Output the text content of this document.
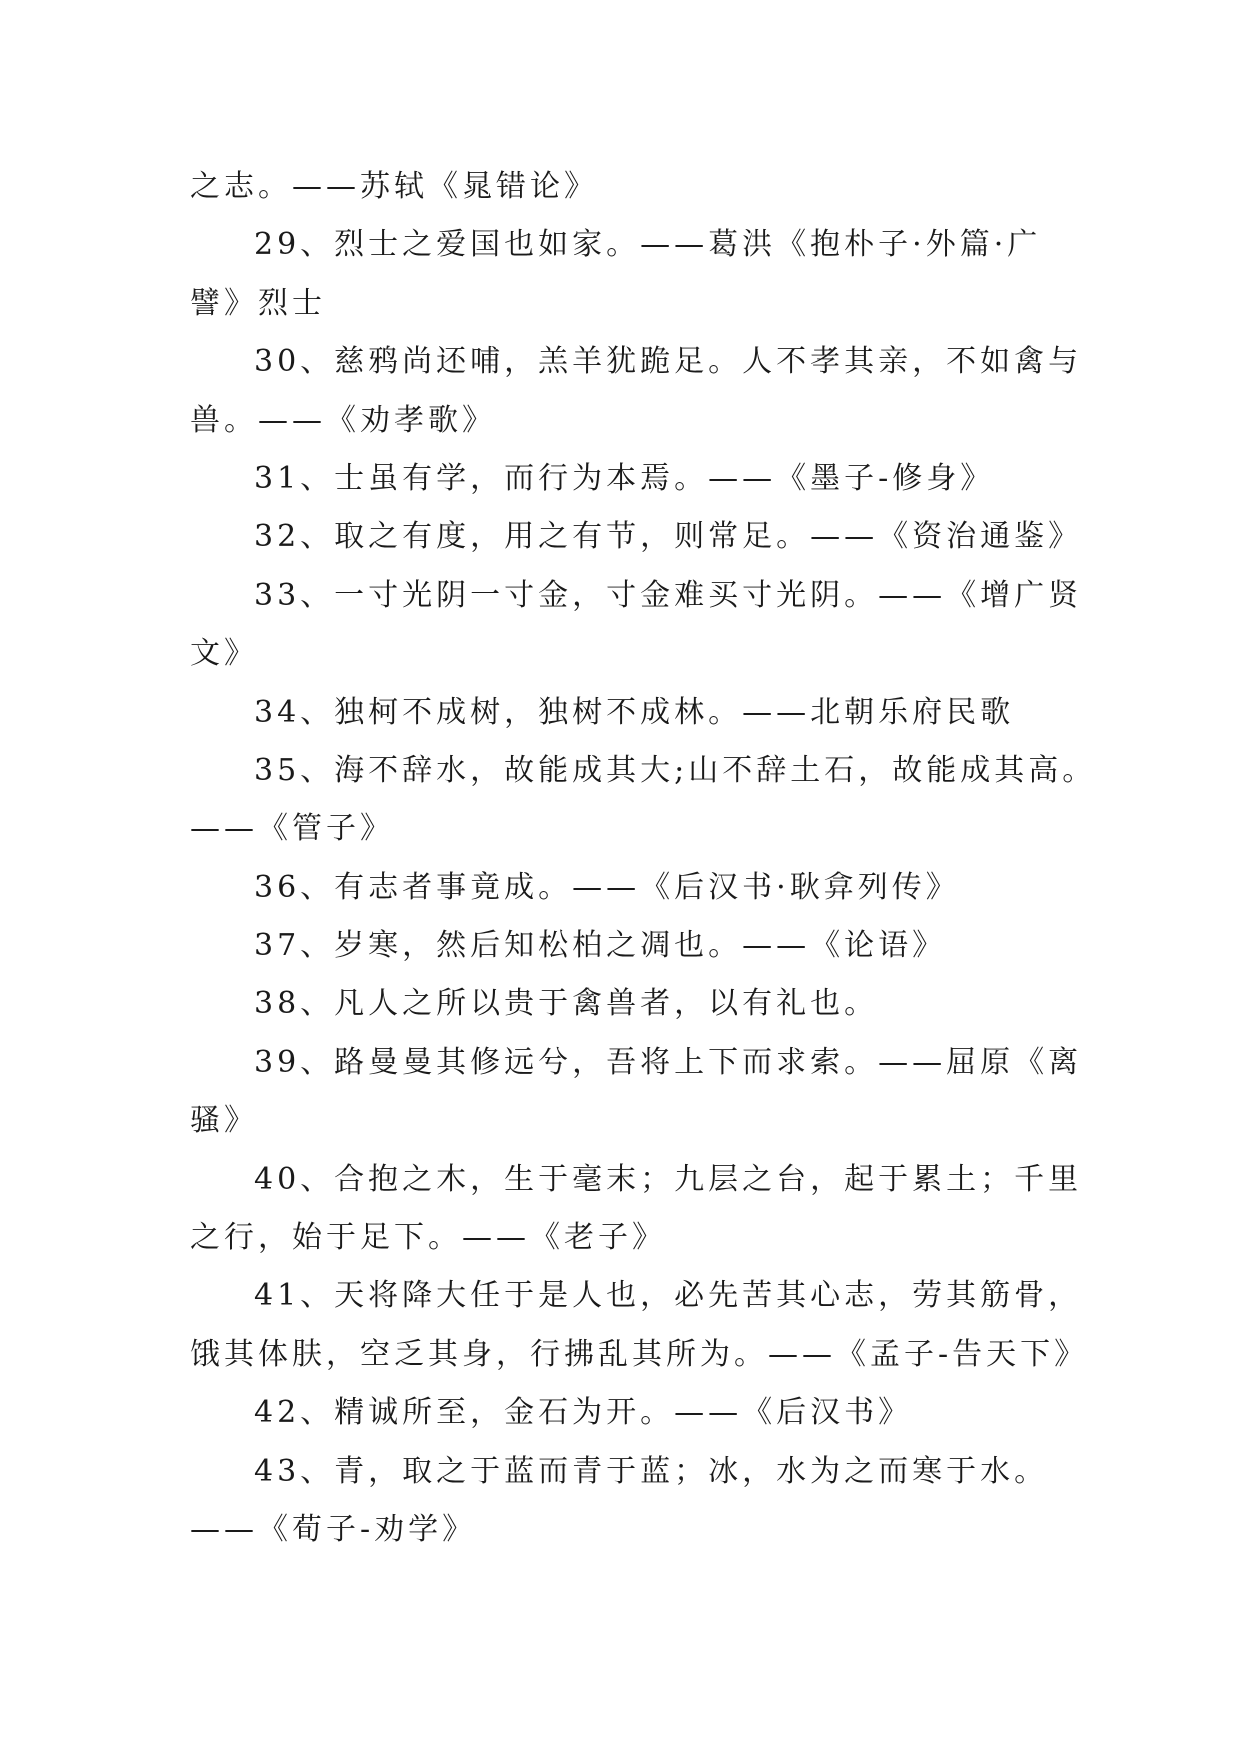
之志。——苏轼《晁错论》
29、烈士之爱国也如家。——葛洪《抱朴子·外篇·广
譬》烈士
30、慈鸦尚还哺，羔羊犹跪足。人不孝其亲，不如禽与
兽。——《劝孝歌》
31、士虽有学，而行为本焉。——《墨子-修身》
32、取之有度，用之有节，则常足。——《资治通鉴》
33、一寸光阴一寸金，寸金难买寸光阴。——《增广贤
文》
34、独柯不成树，独树不成林。——北朝乐府民歌
35、海不辞水，故能成其大;山不辞土石，故能成其高。
——《管子》
36、有志者事竟成。——《后汉书·耿弇列传》
37、岁寒，然后知松柏之凋也。——《论语》
38、凡人之所以贵于禽兽者，以有礼也。
39、路曼曼其修远兮，吾将上下而求索。——屈原《离
骚》
40、合抱之木，生于毫末；九层之台，起于累土；千里
之行，始于足下。——《老子》
41、天将降大任于是人也，必先苦其心志，劳其筋骨，
饿其体肤，空乏其身，行拂乱其所为。——《孟子-告天下》
42、精诚所至，金石为开。——《后汉书》
43、青，取之于蓝而青于蓝；冰，水为之而寒于水。
——《荀子-劝学》
